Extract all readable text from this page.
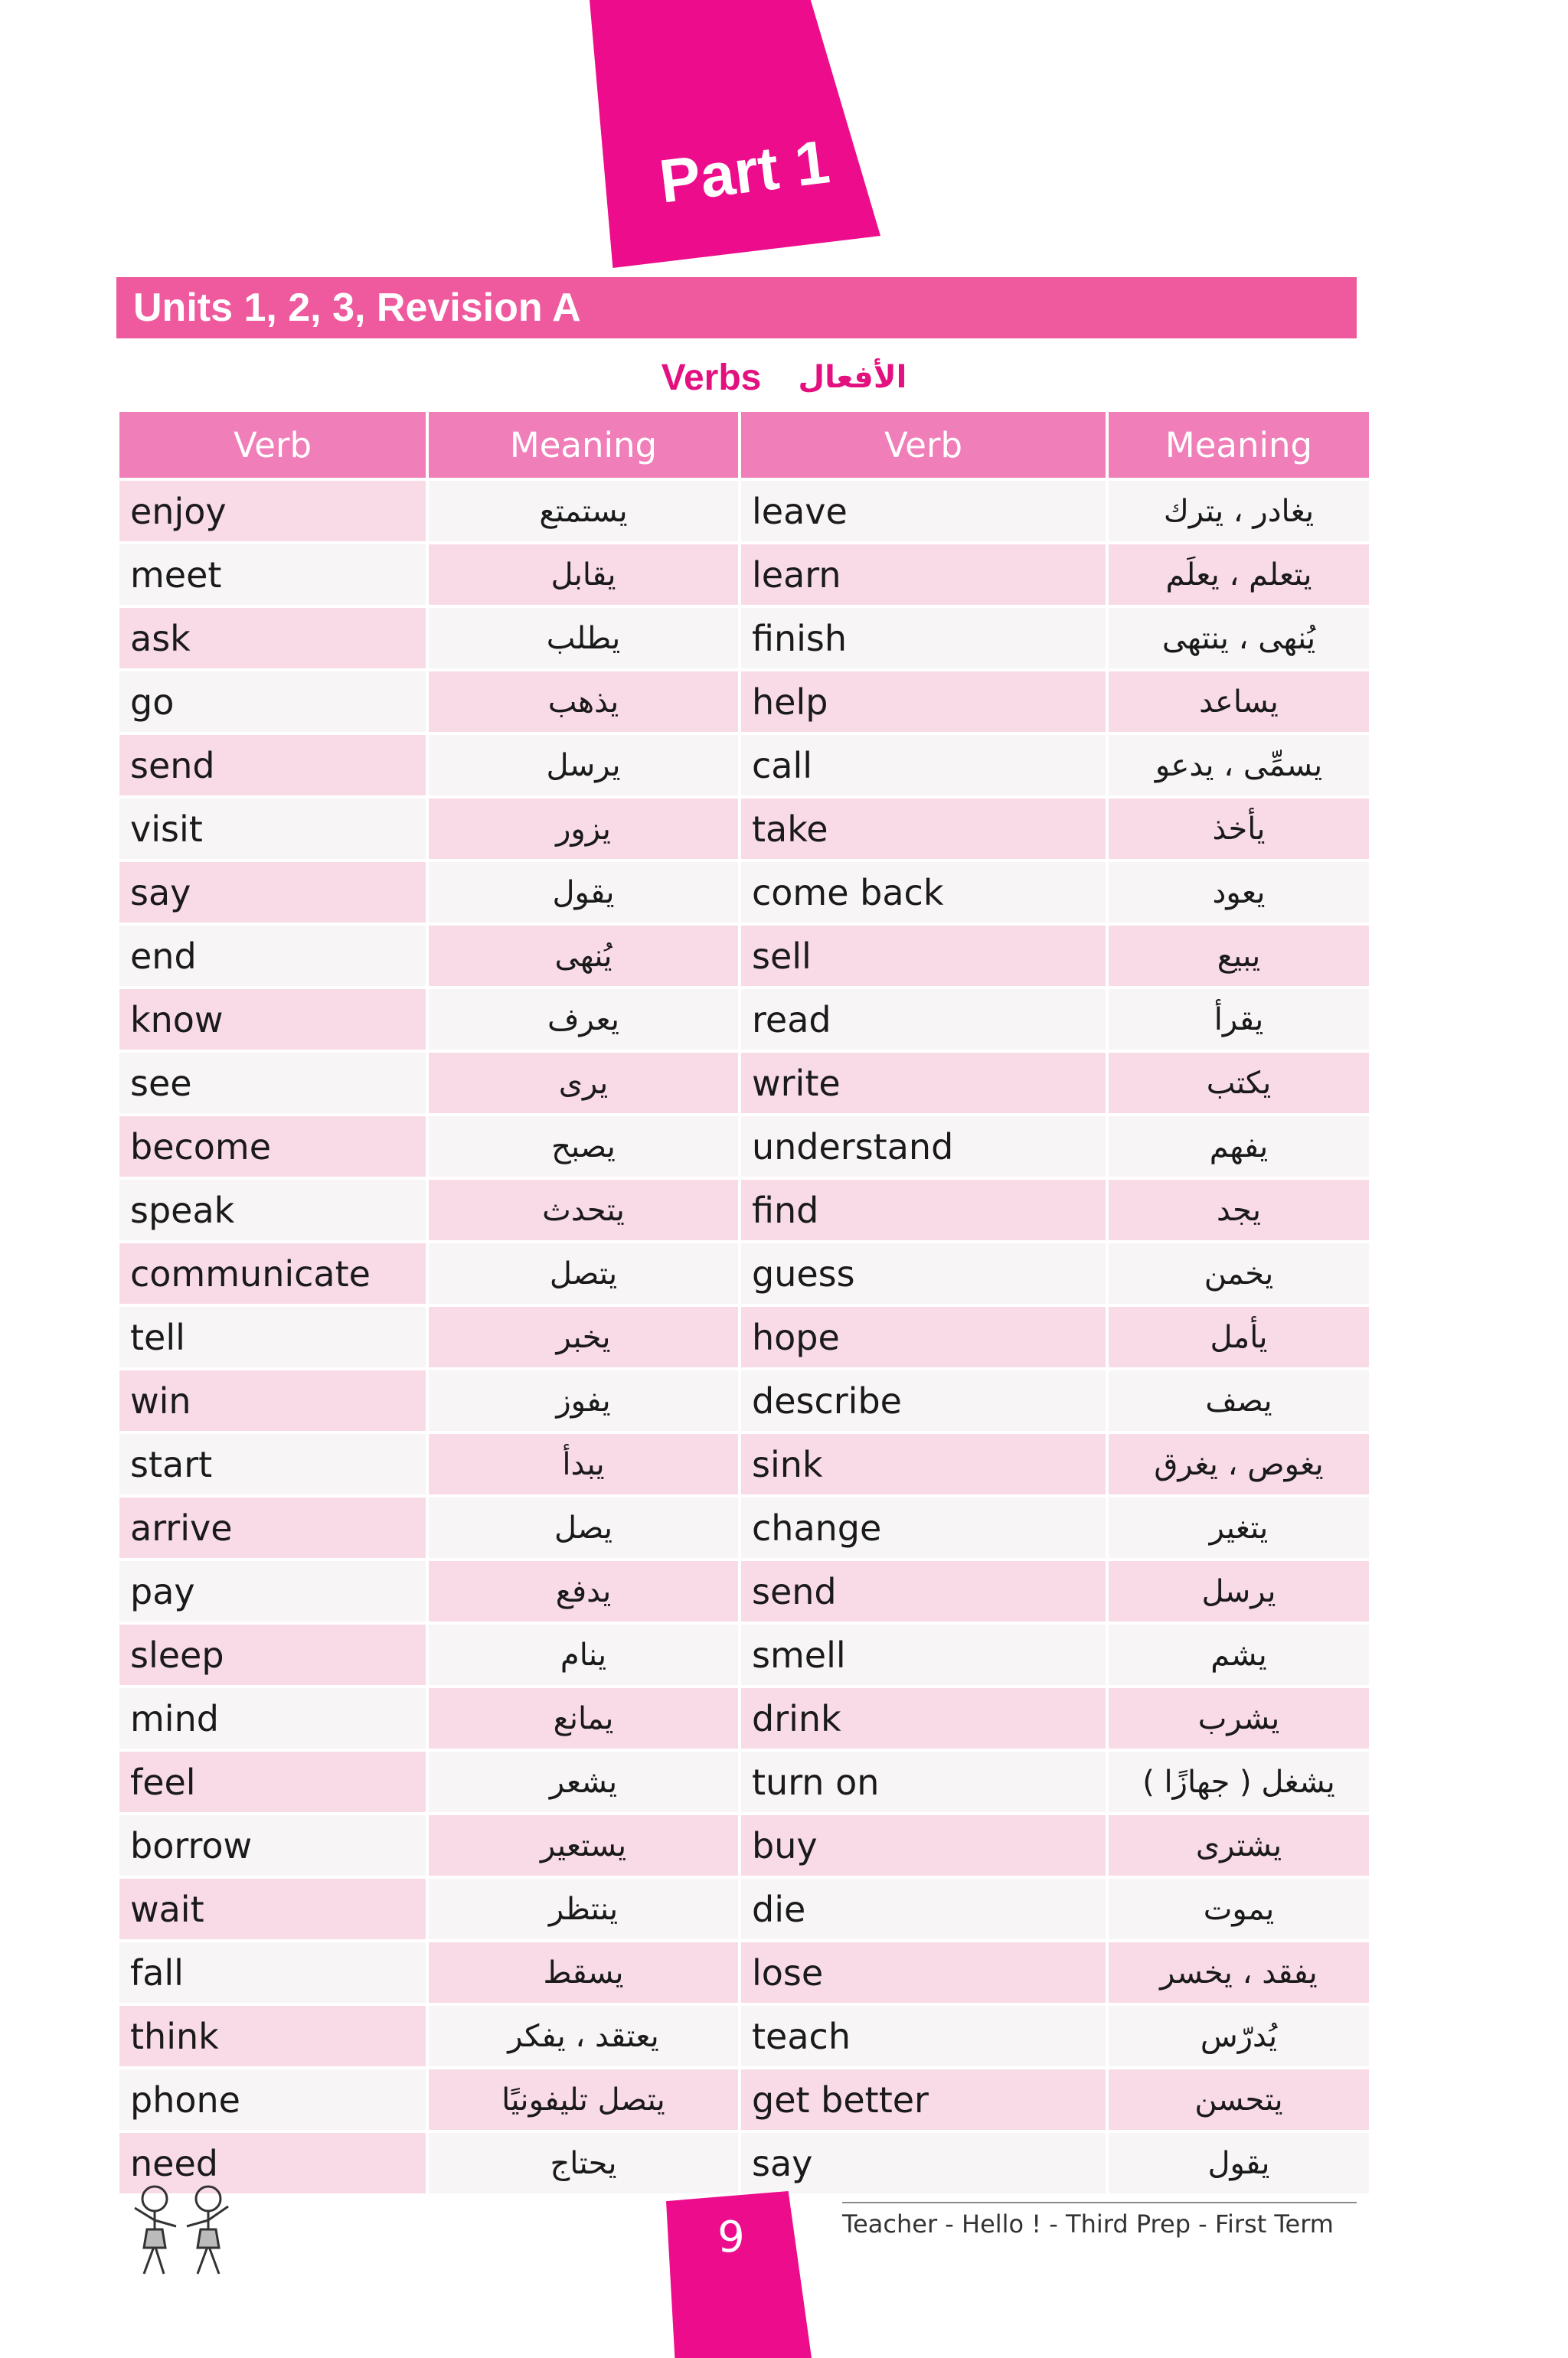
Part 1
Units 1, 2, 3, Revision A
Verbs الأفعال
Verb	Meaning	Verb	Meaning
enjoy	يستمتع	leave	يغادر ، يترك
meet	يقابل	learn	يتعلم ، يعلَم
ask	يطلب	finish	يُنهى ، ينتهى
go	يذهب	help	يساعد
send	يرسل	call	يسمِّى ، يدعو
visit	يزور	take	يأخذ
say	يقول	come back	يعود
end	يُنهى	sell	يبيع
know	يعرف	read	يقرأ
see	يرى	write	يكتب
become	يصبح	understand	يفهم
speak	يتحدث	find	يجد
communicate	يتصل	guess	يخمن
tell	يخبر	hope	يأمل
win	يفوز	describe	يصف
start	يبدأ	sink	يغوص ، يغرق
arrive	يصل	change	يتغير
pay	يدفع	send	يرسل
sleep	ينام	smell	يشم
mind	يمانع	drink	يشرب
feel	يشعر	turn on	يشغل ( جهازًا )
borrow	يستعير	buy	يشترى
wait	ينتظر	die	يموت
fall	يسقط	lose	يفقد ، يخسر
think	يعتقد ، يفكر	teach	يُدرّس
phone	يتصل تليفونيًا	get better	يتحسن
need	يحتاج	say	يقول
Teacher - Hello ! - Third Prep - First Term
9
